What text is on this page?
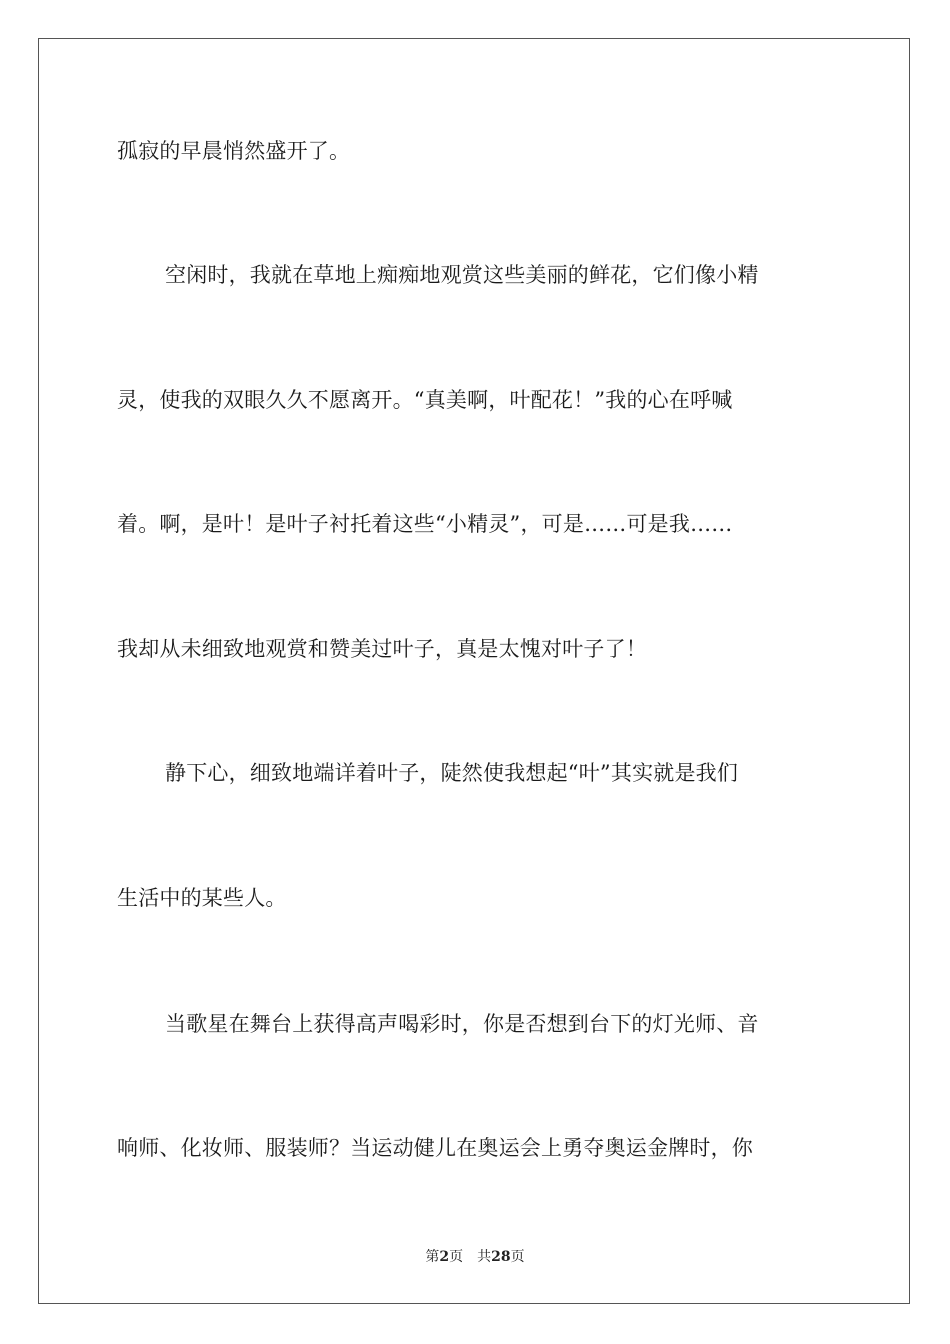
孤寂的早晨悄然盛开了。
空闲时，我就在草地上痴痴地观赏这些美丽的鲜花，它们像小精
灵，使我的双眼久久不愿离开。“真美啊，叶配花！”我的心在呼喊
着。啊，是叶！是叶子衬托着这些“小精灵”，可是……可是我……
我却从未细致地观赏和赞美过叶子，真是太愧对叶子了！
静下心，细致地端详着叶子，陡然使我想起“叶”其实就是我们
生活中的某些人。
当歌星在舞台上获得高声喝彩时，你是否想到台下的灯光师、音
响师、化妆师、服装师？当运动健儿在奥运会上勇夺奥运金牌时，你
第2页 共28页
